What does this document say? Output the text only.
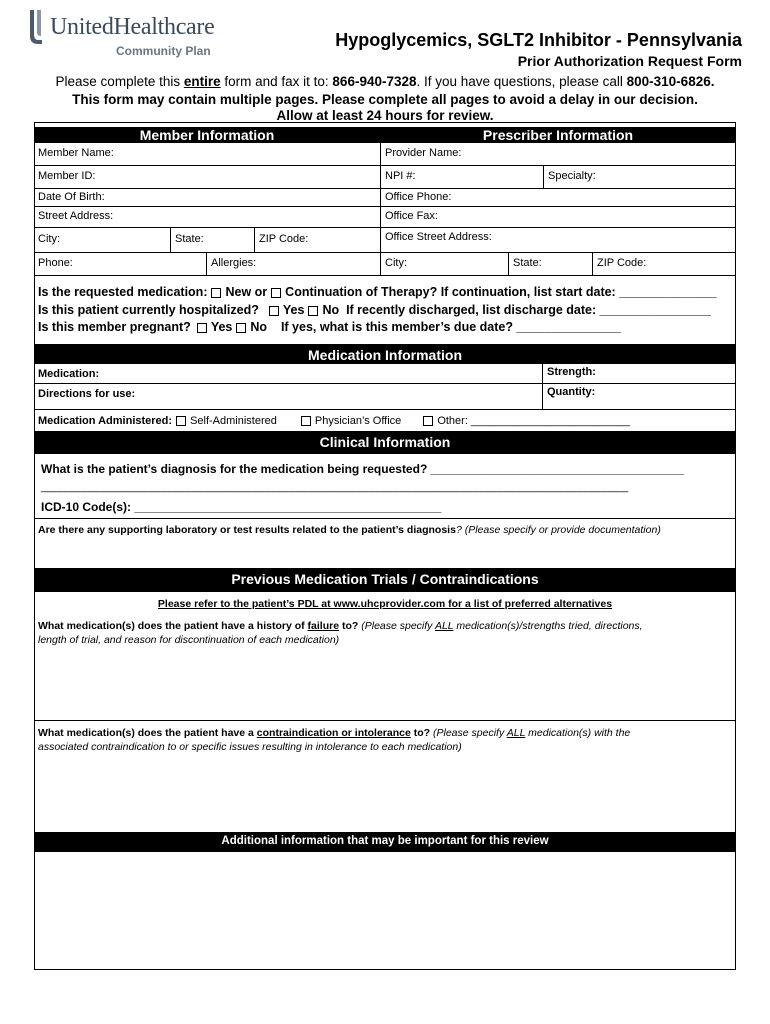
UnitedHealthcare
Community Plan
Hypoglycemics, SGLT2 Inhibitor - Pennsylvania
Prior Authorization Request Form
Please complete this entire form and fax it to: 866-940-7328. If you have questions, please call 800-310-6826.
This form may contain multiple pages. Please complete all pages to avoid a delay in our decision.
Allow at least 24 hours for review.
Member Information	Prescriber Information
Member Name:	Provider Name:
Member ID:	NPI #:	Specialty:
Date Of Birth:	Office Phone:
Street Address:	Office Fax:
City:	State:	ZIP Code:	Office Street Address:
Phone:	Allergies:	City:	State:	ZIP Code:
Is the requested medication: New or Continuation of Therapy? If continuation, list start date: ______________
Is this patient currently hospitalized? Yes No If recently discharged, list discharge date: ________________
Is this member pregnant? Yes No If yes, what is this member’s due date? _______________
Medication Information
Medication:	Strength:
Directions for use:	Quantity:
Medication Administered: Self-Administered	Physician’s Office	Other: __________________________
Clinical Information
What is the patient’s diagnosis for the medication being requested? ______________________________________
________________________________________________________________________________________________
ICD-10 Code(s): ______________________________________________
Are there any supporting laboratory or test results related to the patient’s diagnosis? (Please specify or provide documentation)
Previous Medication Trials / Contraindications
Please refer to the patient’s PDL at www.uhcprovider.com for a list of preferred alternatives
What medication(s) does the patient have a history of failure to? (Please specify ALL medication(s)/strengths tried, directions,
length of trial, and reason for discontinuation of each medication)
What medication(s) does the patient have a contraindication or intolerance to? (Please specify ALL medication(s) with the
associated contraindication to or specific issues resulting in intolerance to each medication)
Additional information that may be important for this review
